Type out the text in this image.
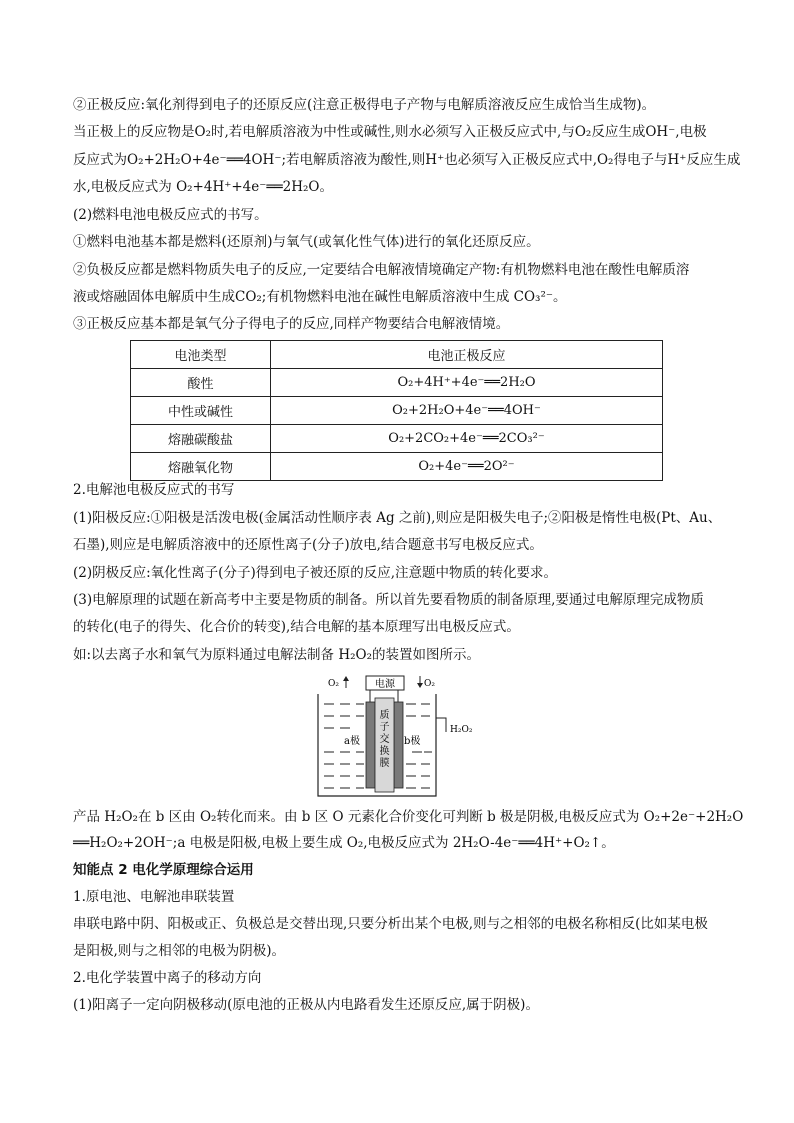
②正极反应:氧化剂得到电子的还原反应(注意正极得电子产物与电解质溶液反应生成恰当生成物)。
当正极上的反应物是O₂时,若电解质溶液为中性或碱性,则水必须写入正极反应式中,与O₂反应生成OH⁻,电极
反应式为O₂+2H₂O+4e⁻══4OH⁻;若电解质溶液为酸性,则H⁺也必须写入正极反应式中,O₂得电子与H⁺反应生成
水,电极反应式为 O₂+4H⁺+4e⁻══2H₂O。
(2)燃料电池电极反应式的书写。
①燃料电池基本都是燃料(还原剂)与氧气(或氧化性气体)进行的氧化还原反应。
②负极反应都是燃料物质失电子的反应,一定要结合电解液情境确定产物:有机物燃料电池在酸性电解质溶
液或熔融固体电解质中生成CO₂;有机物燃料电池在碱性电解质溶液中生成 CO₃²⁻。
③正极反应基本都是氧气分子得电子的反应,同样产物要结合电解液情境。
电池类型	电池正极反应
酸性	O₂+4H⁺+4e⁻══2H₂O
中性或碱性	O₂+2H₂O+4e⁻══4OH⁻
熔融碳酸盐	O₂+2CO₂+4e⁻══2CO₃²⁻
熔融氧化物	O₂+4e⁻══2O²⁻
2.电解池电极反应式的书写
(1)阳极反应:①阳极是活泼电极(金属活动性顺序表 Ag 之前),则应是阳极失电子;②阳极是惰性电极(Pt、Au、
石墨),则应是电解质溶液中的还原性离子(分子)放电,结合题意书写电极反应式。
(2)阴极反应:氧化性离子(分子)得到电子被还原的反应,注意题中物质的转化要求。
(3)电解原理的试题在新高考中主要是物质的制备。所以首先要看物质的制备原理,要通过电解原理完成物质
的转化(电子的得失、化合价的转变),结合电解的基本原理写出电极反应式。
如:以去离子水和氧气为原料通过电解法制备 H₂O₂的装置如图所示。
电源
O₂	O₂
a极	b极
质
子
交
换
膜
H₂O₂
产品 H₂O₂在 b 区由 O₂转化而来。由 b 区 O 元素化合价变化可判断 b 极是阴极,电极反应式为 O₂+2e⁻+2H₂O
══H₂O₂+2OH⁻;a 电极是阳极,电极上要生成 O₂,电极反应式为 2H₂O-4e⁻══4H⁺+O₂↑。
知能点 2 电化学原理综合运用
1.原电池、电解池串联装置
串联电路中阴、阳极或正、负极总是交替出现,只要分析出某个电极,则与之相邻的电极名称相反(比如某电极
是阳极,则与之相邻的电极为阴极)。
2.电化学装置中离子的移动方向
(1)阳离子一定向阴极移动(原电池的正极从内电路看发生还原反应,属于阴极)。
